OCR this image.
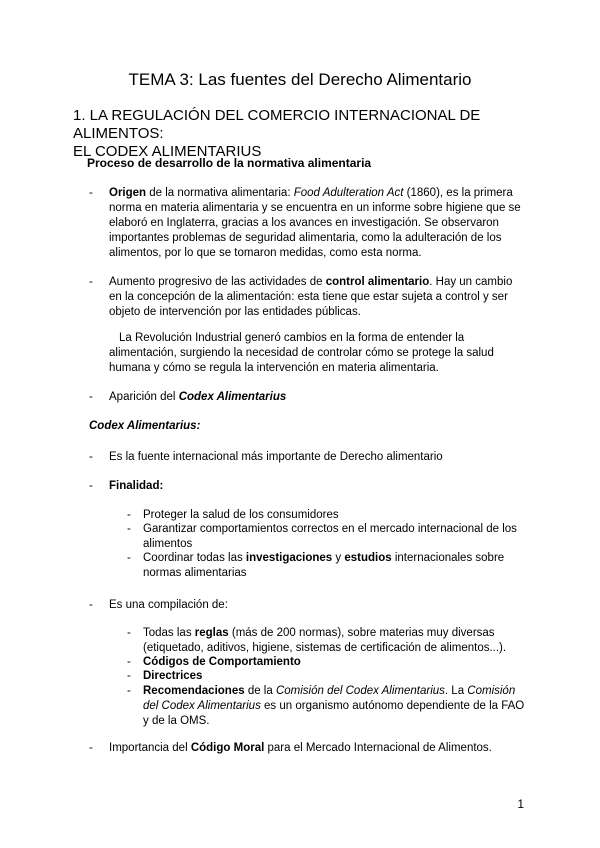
TEMA 3: Las fuentes del Derecho Alimentario
1. LA REGULACIÓN DEL COMERCIO INTERNACIONAL DE ALIMENTOS:
EL CODEX ALIMENTARIUS
Proceso de desarrollo de la normativa alimentaria
- Origen de la normativa alimentaria: Food Adulteration Act (1860), es la primera norma en materia alimentaria y se encuentra en un informe sobre higiene que se elaboró en Inglaterra, gracias a los avances en investigación. Se observaron importantes problemas de seguridad alimentaria, como la adulteración de los alimentos, por lo que se tomaron medidas, como esta norma.
- Aumento progresivo de las actividades de control alimentario. Hay un cambio en la concepción de la alimentación: esta tiene que estar sujeta a control y ser objeto de intervención por las entidades públicas.
La Revolución Industrial generó cambios en la forma de entender la alimentación, surgiendo la necesidad de controlar cómo se protege la salud humana y cómo se regula la intervención en materia alimentaria.
- Aparición del Codex Alimentarius
Codex Alimentarius:
- Es la fuente internacional más importante de Derecho alimentario
- Finalidad:
- Proteger la salud de los consumidores
- Garantizar comportamientos correctos en el mercado internacional de los alimentos
- Coordinar todas las investigaciones y estudios internacionales sobre normas alimentarias
- Es una compilación de:
- Todas las reglas (más de 200 normas), sobre materias muy diversas (etiquetado, aditivos, higiene, sistemas de certificación de alimentos...).
- Códigos de Comportamiento
- Directrices
- Recomendaciones de la Comisión del Codex Alimentarius. La Comisión del Codex Alimentarius es un organismo autónomo dependiente de la FAO y de la OMS.
- Importancia del Código Moral para el Mercado Internacional de Alimentos.
1
